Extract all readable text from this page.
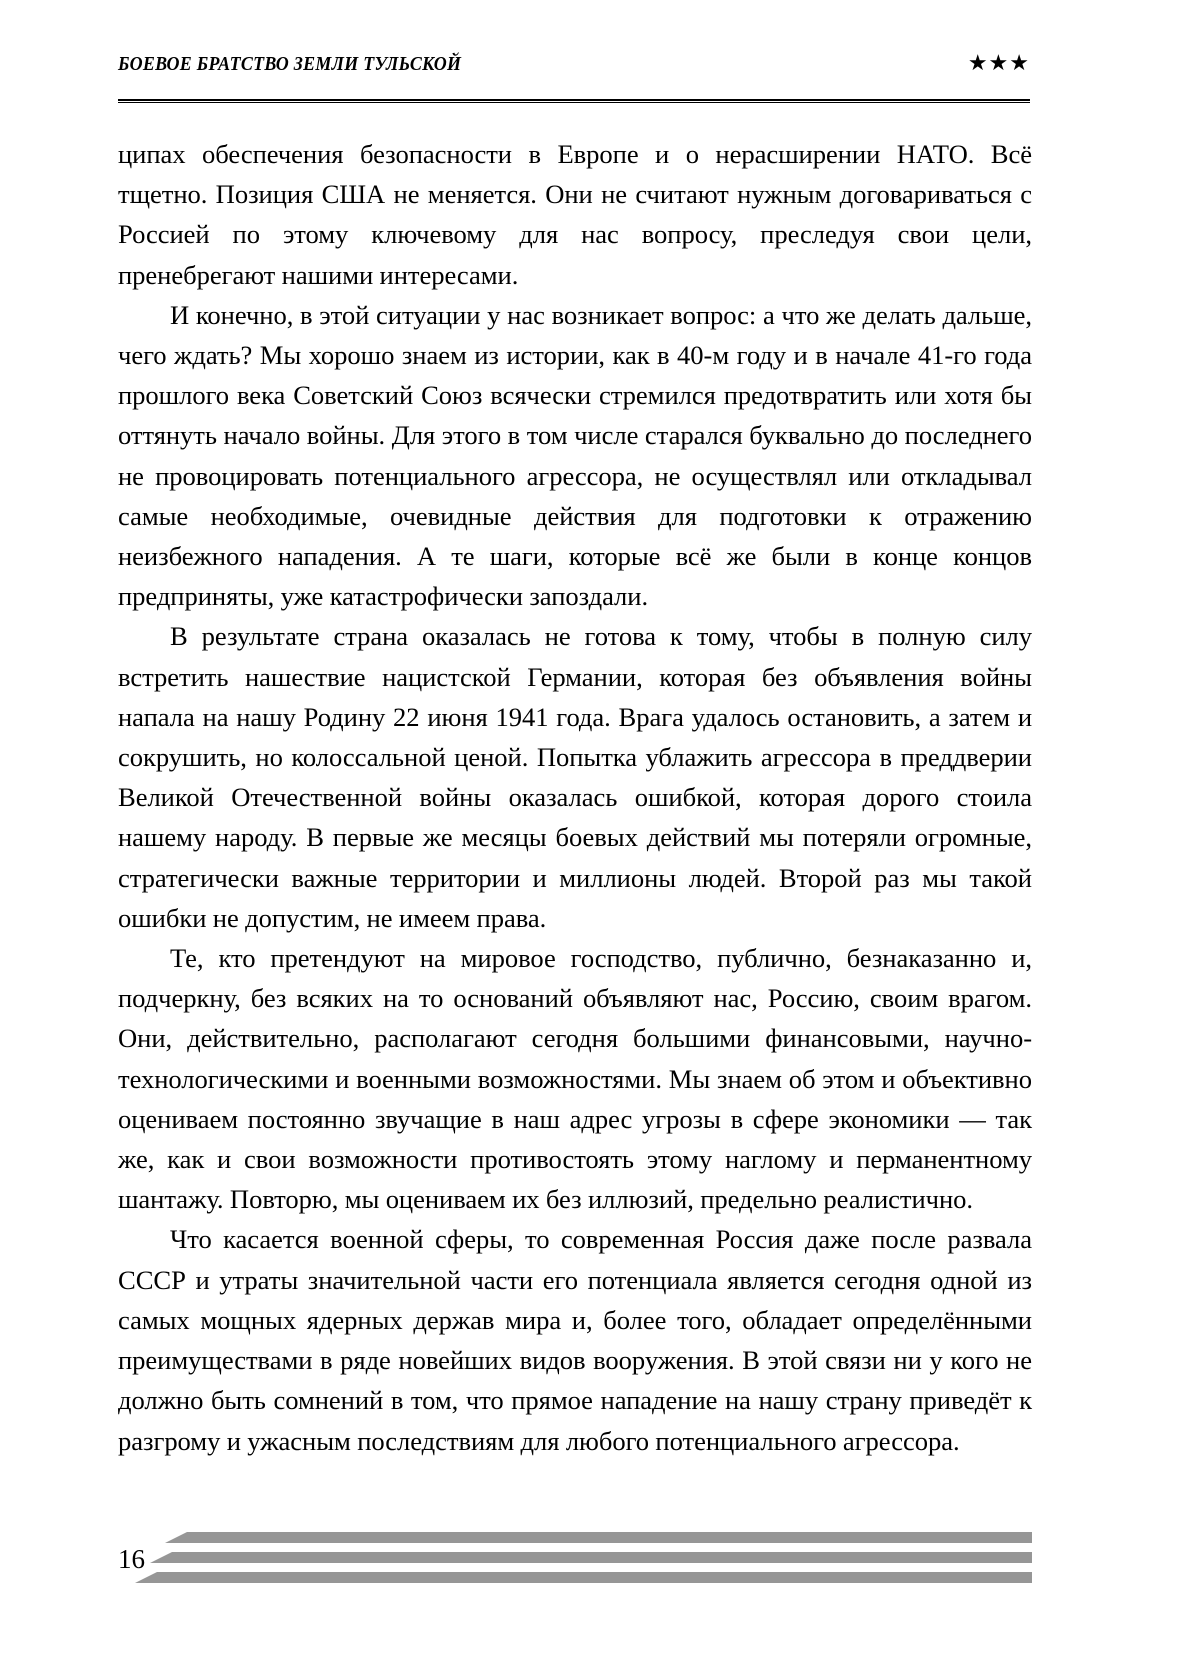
БОЕВОЕ БРАТСТВО ЗЕМЛИ ТУЛЬСКОЙ	★★★
ципах обеспечения безопасности в Европе и о нерасширении НАТО. Всё тщетно. Позиция США не меняется. Они не считают нужным договариваться с Россией по этому ключевому для нас вопросу, преследуя свои цели, пренебрегают нашими интересами.
И конечно, в этой ситуации у нас возникает вопрос: а что же делать дальше, чего ждать? Мы хорошо знаем из истории, как в 40-м году и в начале 41-го года прошлого века Советский Союз всячески стремился предотвратить или хотя бы оттянуть начало войны. Для этого в том числе старался буквально до последнего не провоцировать потенциального агрессора, не осуществлял или откладывал самые необходимые, очевидные действия для подготовки к отражению неизбежного нападения. А те шаги, которые всё же были в конце концов предприняты, уже катастрофически запоздали.
В результате страна оказалась не готова к тому, чтобы в полную силу встретить нашествие нацистской Германии, которая без объявления войны напала на нашу Родину 22 июня 1941 года. Врага удалось остановить, а затем и сокрушить, но колоссальной ценой. Попытка ублажить агрессора в преддверии Великой Отечественной войны оказалась ошибкой, которая дорого стоила нашему народу. В первые же месяцы боевых действий мы потеряли огромные, стратегически важные территории и миллионы людей. Второй раз мы такой ошибки не допустим, не имеем права.
Те, кто претендуют на мировое господство, публично, безнаказанно и, подчеркну, без всяких на то оснований объявляют нас, Россию, своим врагом. Они, действительно, располагают сегодня большими финансовыми, научно-технологическими и военными возможностями. Мы знаем об этом и объективно оцениваем постоянно звучащие в наш адрес угрозы в сфере экономики — так же, как и свои возможности противостоять этому наглому и перманентному шантажу. Повторю, мы оцениваем их без иллюзий, предельно реалистично.
Что касается военной сферы, то современная Россия даже после развала СССР и утраты значительной части его потенциала является сегодня одной из самых мощных ядерных держав мира и, более того, обладает определёнными преимуществами в ряде новейших видов вооружения. В этой связи ни у кого не должно быть сомнений в том, что прямое нападение на нашу страну приведёт к разгрому и ужасным последствиям для любого потенциального агрессора.
16
